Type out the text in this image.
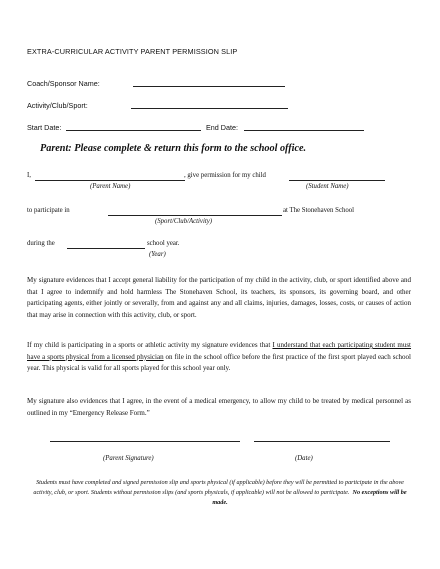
EXTRA-CURRICULAR ACTIVITY PARENT PERMISSION SLIP
Coach/Sponsor Name:
Activity/Club/Sport:
Start Date:	End Date:
Parent: Please complete & return this form to the school office.
I,	, give permission for my child
(Parent Name)	(Student Name)
to participate in	at The Stonehaven School
(Sport/Club/Activity)
during the	school year.
(Year)
My signature evidences that I accept general liability for the participation of my child in the activity, club, or sport identified above and that I agree to indemnify and hold harmless The Stonehaven School, its teachers, its sponsors, its governing board, and other participating agents, either jointly or severally, from and against any and all claims, injuries, damages, losses, costs, or causes of action that may arise in connection with this activity, club, or sport.
If my child is participating in a sports or athletic activity my signature evidences that I understand that each participating student must have a sports physical from a licensed physician on file in the school office before the first practice of the first sport played each school year. This physical is valid for all sports played for this school year only.
My signature also evidences that I agree, in the event of a medical emergency, to allow my child to be treated by medical personnel as outlined in my “Emergency Release Form.”
(Parent Signature)	(Date)
Students must have completed and signed permission slip and sports physical (if applicable) before they will be permitted to participate in the above activity, club, or sport. Students without permission slips (and sports physicals, if applicable) will not be allowed to participate. No exceptions will be made.
